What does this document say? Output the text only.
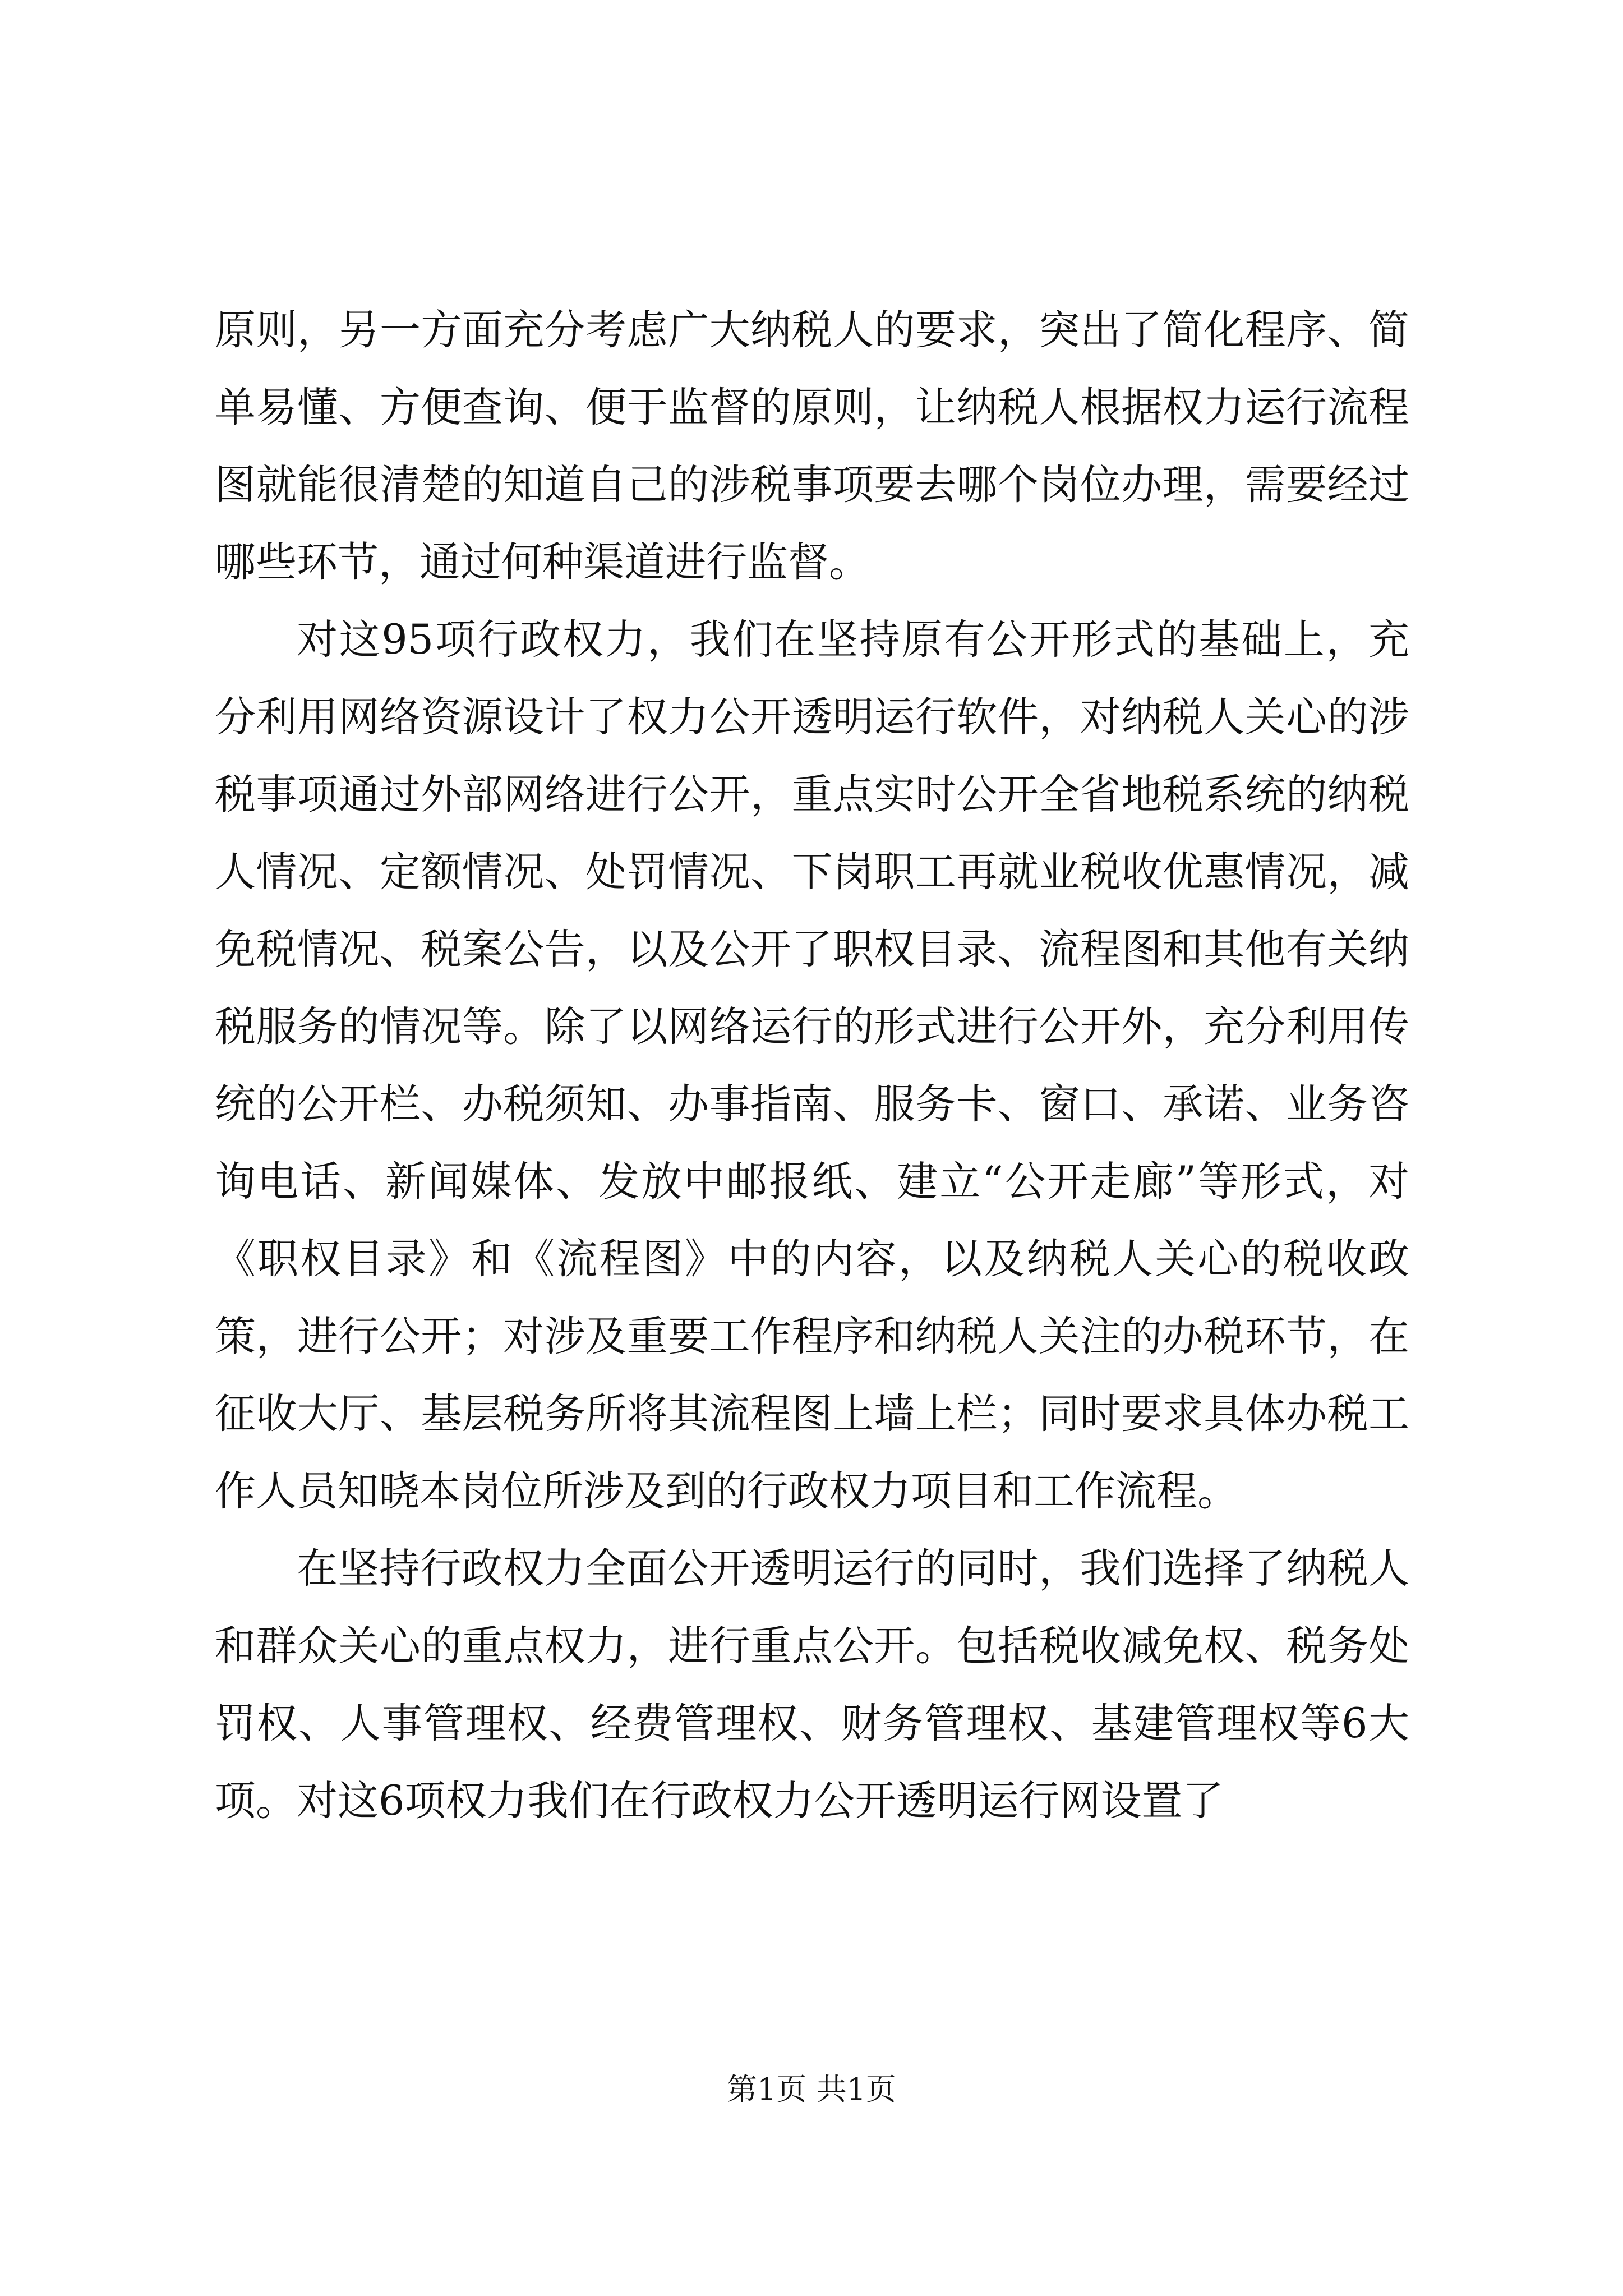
原则，另一方面充分考虑广大纳税人的要求，突出了简化程序、简单易懂、方便查询、便于监督的原则，让纳税人根据权力运行流程图就能很清楚的知道自己的涉税事项要去哪个岗位办理，需要经过哪些环节，通过何种渠道进行监督。

对这95项行政权力，我们在坚持原有公开形式的基础上，充分利用网络资源设计了权力公开透明运行软件，对纳税人关心的涉税事项通过外部网络进行公开，重点实时公开全省地税系统的纳税人情况、定额情况、处罚情况、下岗职工再就业税收优惠情况，减免税情况、税案公告，以及公开了职权目录、流程图和其他有关纳税服务的情况等。除了以网络运行的形式进行公开外，充分利用传统的公开栏、办税须知、办事指南、服务卡、窗口、承诺、业务咨询电话、新闻媒体、发放中邮报纸、建立“公开走廊”等形式，对《职权目录》和《流程图》中的内容，以及纳税人关心的税收政策，进行公开；对涉及重要工作程序和纳税人关注的办税环节，在征收大厅、基层税务所将其流程图上墙上栏；同时要求具体办税工作人员知晓本岗位所涉及到的行政权力项目和工作流程。

在坚持行政权力全面公开透明运行的同时，我们选择了纳税人和群众关心的重点权力，进行重点公开。包括税收减免权、税务处罚权、人事管理权、经费管理权、财务管理权、基建管理权等6大项。对这6项权力我们在行政权力公开透明运行网设置了

第1页 共1页
